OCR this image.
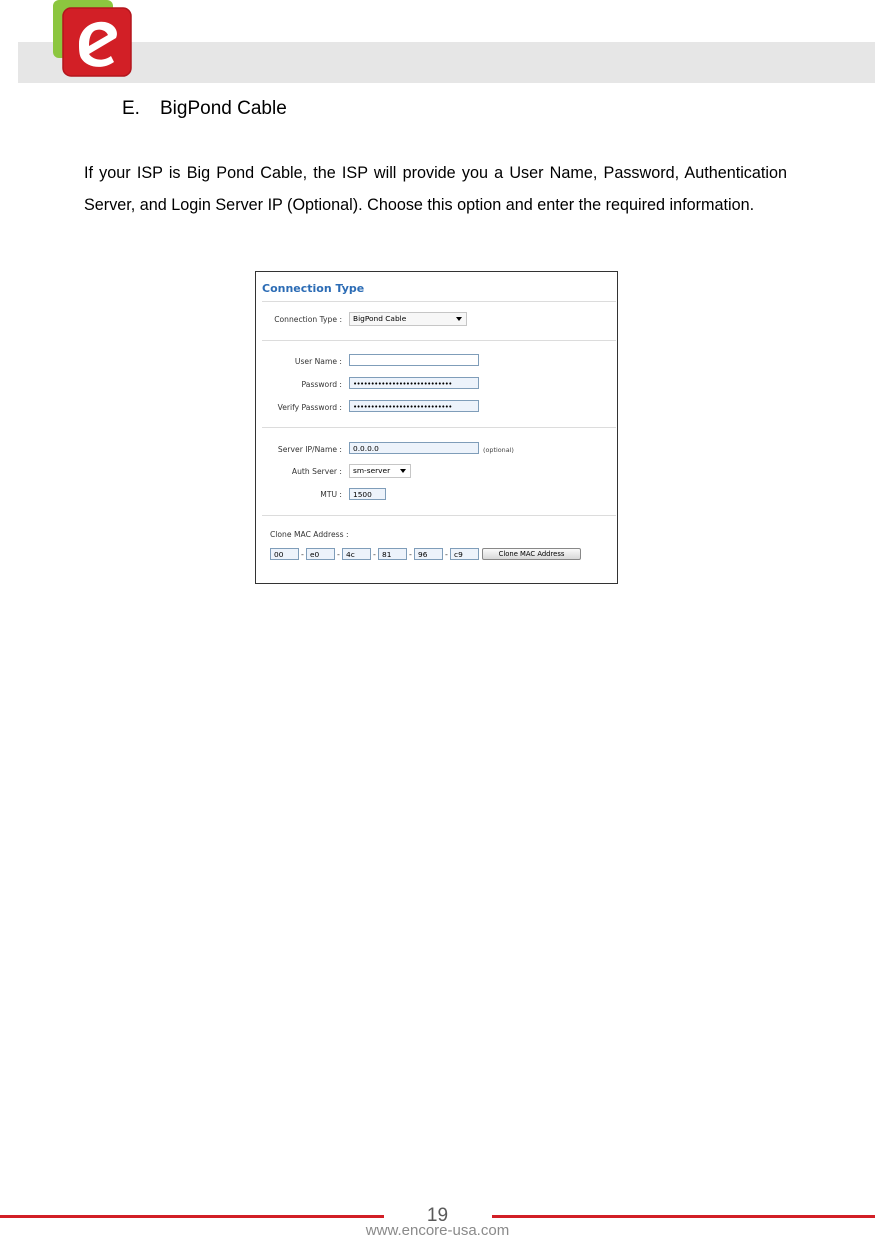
E. BigPond Cable
If your ISP is Big Pond Cable, the ISP will provide you a User Name, Password, Authentication Server, and Login Server IP (Optional). Choose this option and enter the required information.
Connection Type
Connection Type :	BigPond Cable
User Name :
Password :	••••••••••••••••••••••••••••
Verify Password :	••••••••••••••••••••••••••••
Server IP/Name :	0.0.0.0	(optional)
Auth Server :	sm-server
MTU :	1500
Clone MAC Address :
00	- e0	- 4c	- 81	- 96	- c9	Clone MAC Address
19
www.encore-usa.com
